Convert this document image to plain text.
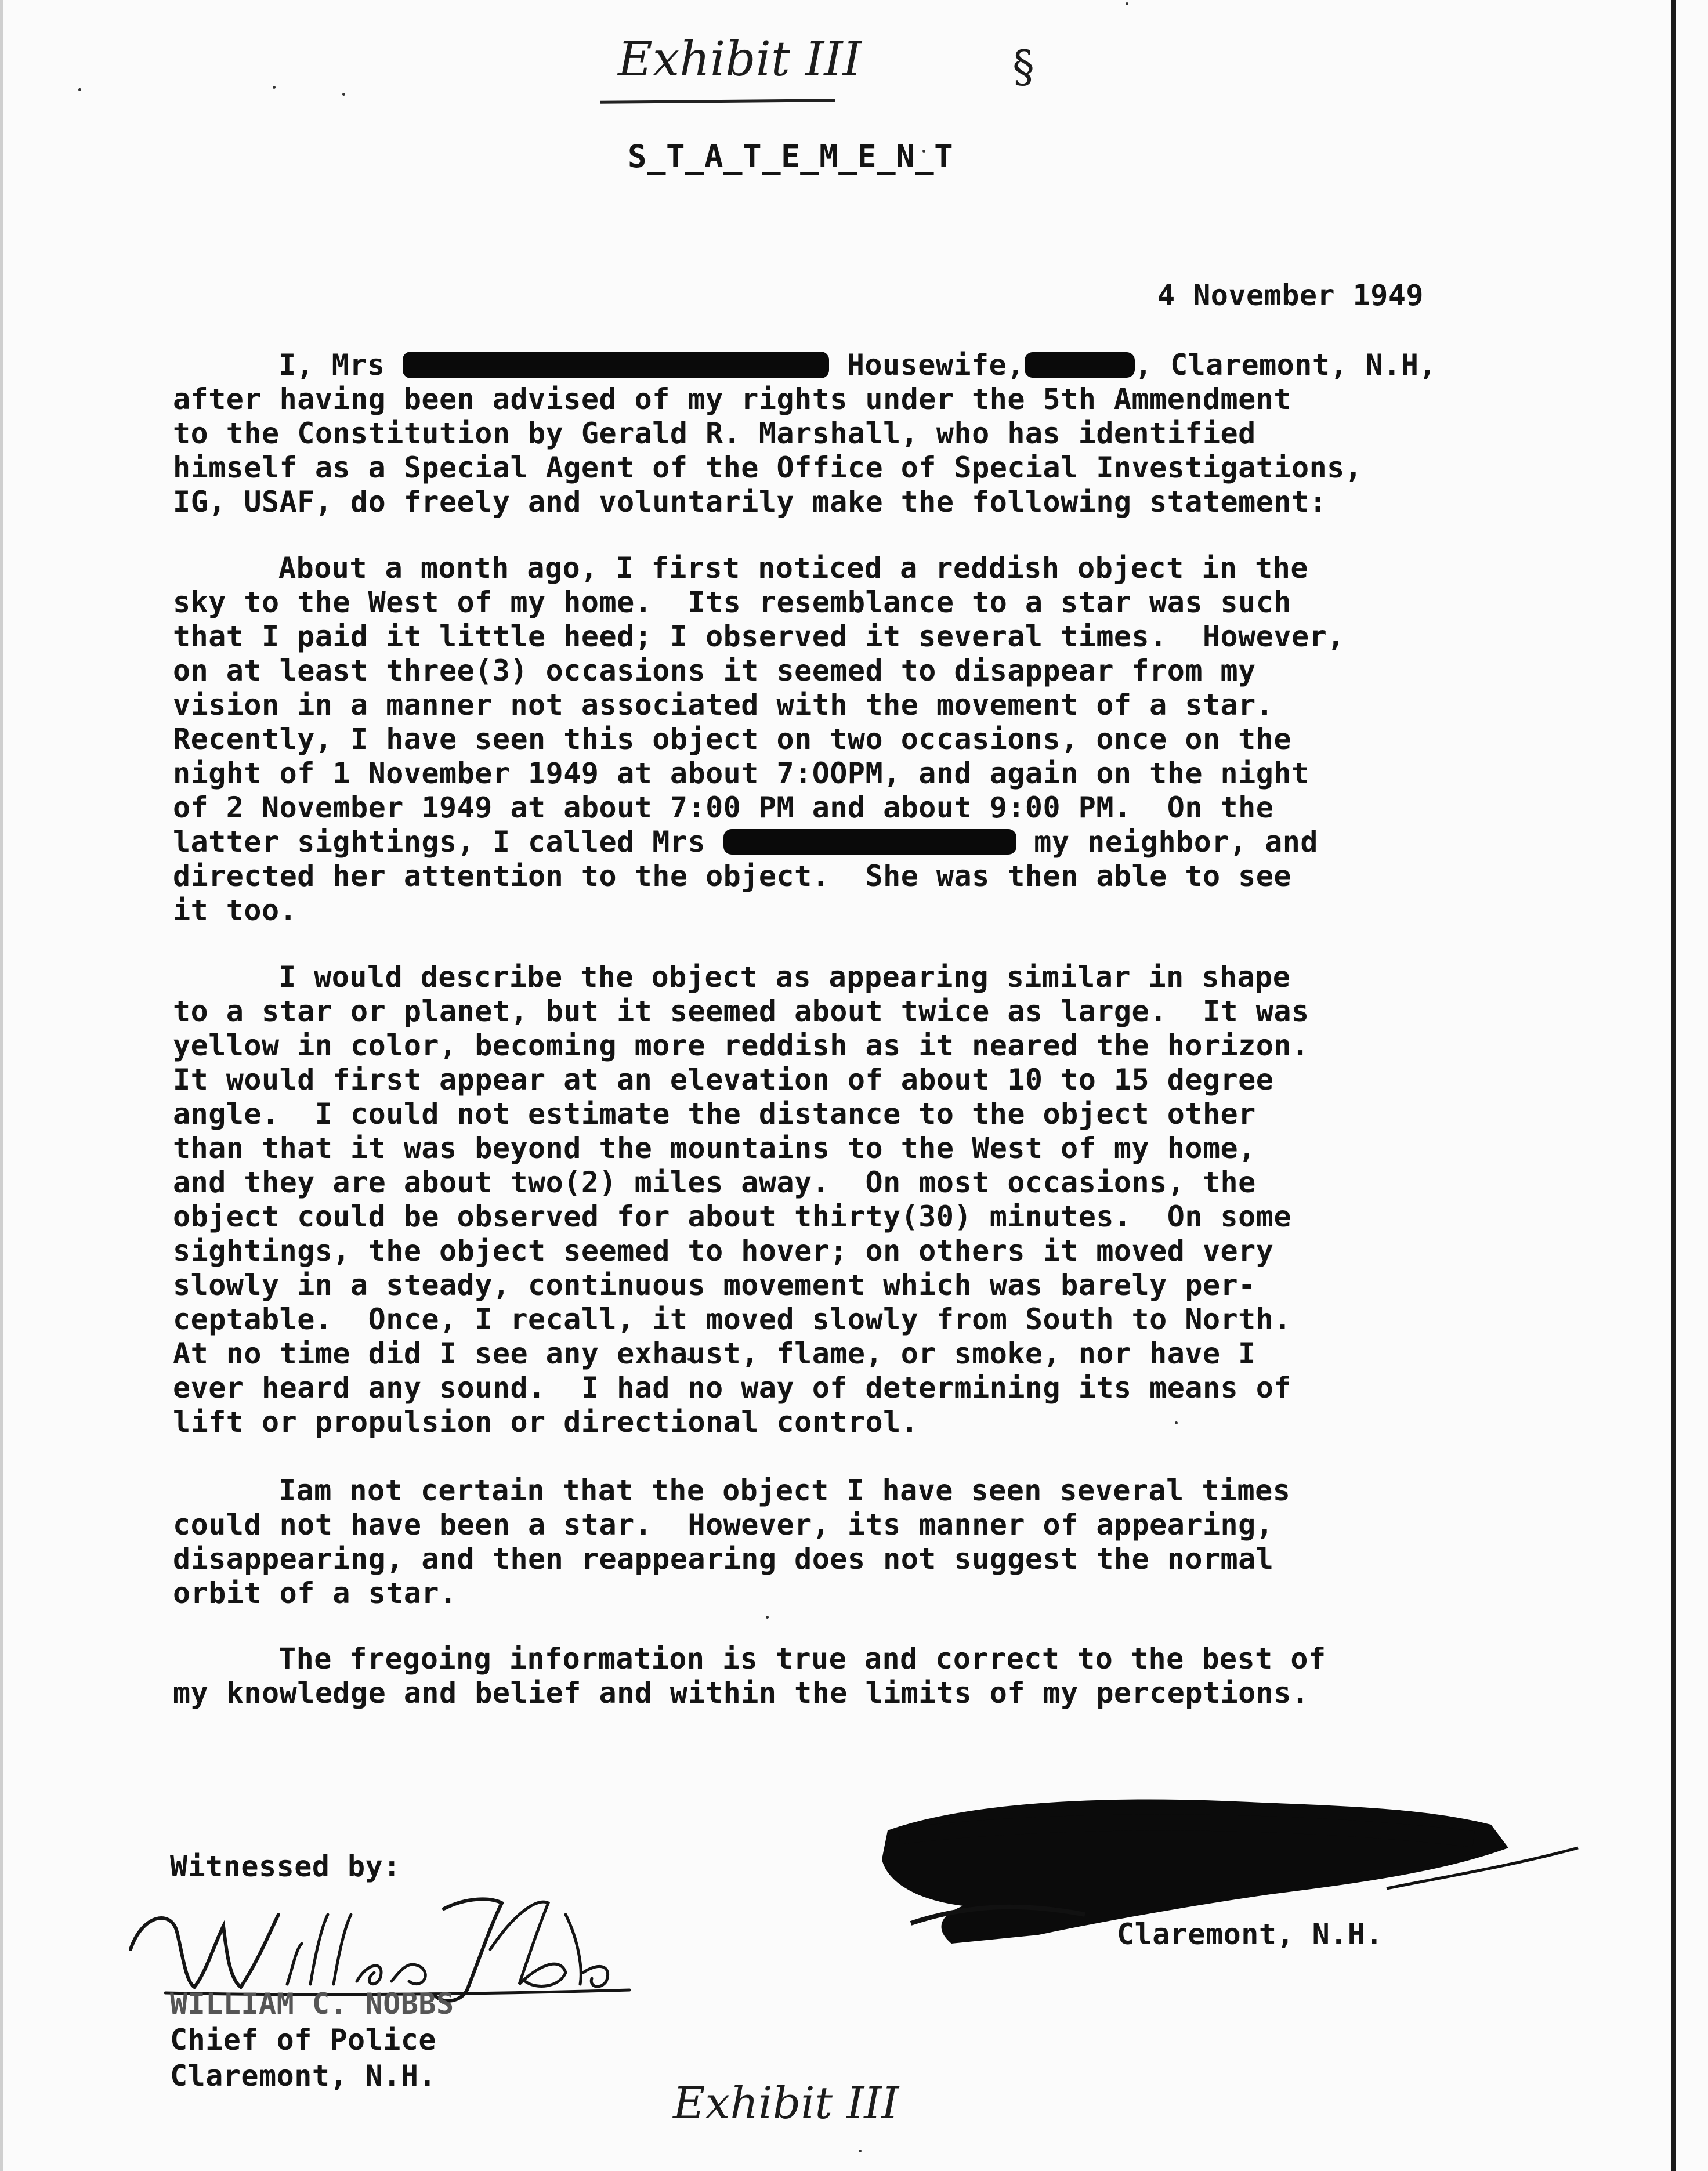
Exhibit III	§
S_T_A_T_E_M_E_N_T
4 November 1949

I, Mrs	Housewife,	, Claremont, N.H,

after having been advised of my rights under the 5th Ammendment

to the Constitution by Gerald R. Marshall, who has identified

himself as a Special Agent of the Office of Special Investigations,

IG, USAF, do freely and voluntarily make the following statement:

About a month ago, I first noticed a reddish object in the

sky to the West of my home.  Its resemblance to a star was such

that I paid it little heed; I observed it several times.  However,

on at least three(3) occasions it seemed to disappear from my

vision in a manner not associated with the movement of a star.

Recently, I have seen this object on two occasions, once on the

night of 1 November 1949 at about 7:OOPM, and again on the night

of 2 November 1949 at about 7:00 PM and about 9:00 PM.  On the

latter sightings, I called Mrs	my neighbor, and

directed her attention to the object.  She was then able to see

it too.

I would describe the object as appearing similar in shape

to a star or planet, but it seemed about twice as large.  It was

yellow in color, becoming more reddish as it neared the horizon.

It would first appear at an elevation of about 10 to 15 degree

angle.  I could not estimate the distance to the object other

than that it was beyond the mountains to the West of my home,

and they are about two(2) miles away.  On most occasions, the

object could be observed for about thirty(30) minutes.  On some

sightings, the object seemed to hover; on others it moved very

slowly in a steady, continuous movement which was barely per-

ceptable.  Once, I recall, it moved slowly from South to North.

At no time did I see any exhaust, flame, or smoke, nor have I

ever heard any sound.  I had no way of determining its means of

lift or propulsion or directional control.

Iam not certain that the object I have seen several times

could not have been a star.  However, its manner of appearing,

disappearing, and then reappearing does not suggest the normal

orbit of a star.

The fregoing information is true and correct to the best of

my knowledge and belief and within the limits of my perceptions.

Claremont, N.H.
Witnessed by:
William C. Nobbs
WILLIAM C. NOBBS
Chief of Police
Claremont, N.H.
Exhibit III
